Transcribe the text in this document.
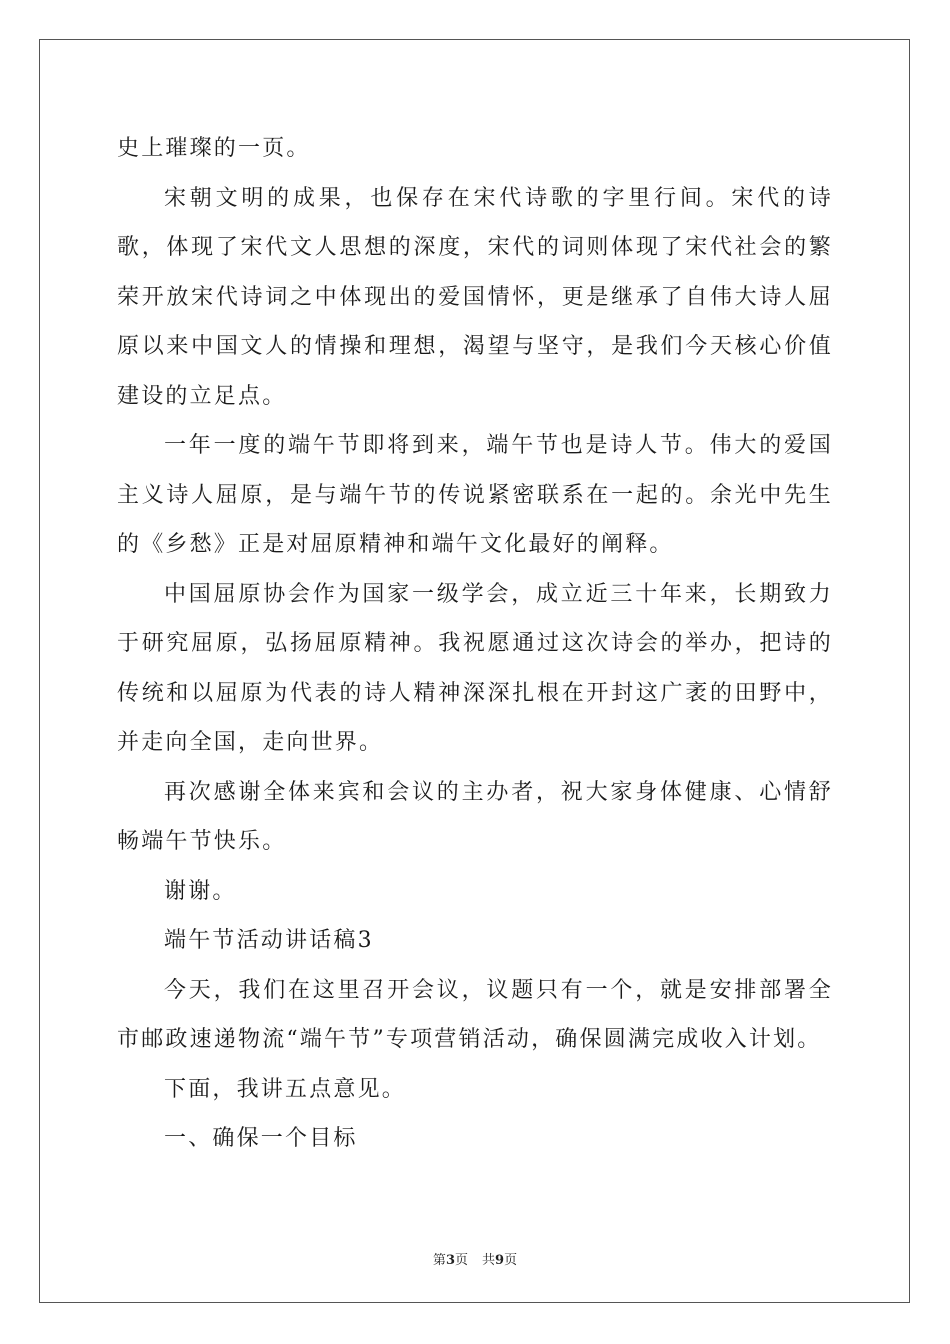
史上璀璨的一页。

宋朝文明的成果，也保存在宋代诗歌的字里行间。宋代的诗歌，体现了宋代文人思想的深度，宋代的词则体现了宋代社会的繁荣开放宋代诗词之中体现出的爱国情怀，更是继承了自伟大诗人屈原以来中国文人的情操和理想，渴望与坚守，是我们今天核心价值建设的立足点。

一年一度的端午节即将到来，端午节也是诗人节。伟大的爱国主义诗人屈原，是与端午节的传说紧密联系在一起的。余光中先生的《乡愁》正是对屈原精神和端午文化最好的阐释。

中国屈原协会作为国家一级学会，成立近三十年来，长期致力于研究屈原，弘扬屈原精神。我祝愿通过这次诗会的举办，把诗的传统和以屈原为代表的诗人精神深深扎根在开封这广袤的田野中，并走向全国，走向世界。

再次感谢全体来宾和会议的主办者，祝大家身体健康、心情舒畅端午节快乐。

谢谢。

端午节活动讲话稿3

今天，我们在这里召开会议，议题只有一个，就是安排部署全市邮政速递物流“端午节”专项营销活动，确保圆满完成收入计划。

下面，我讲五点意见。

一、确保一个目标

第3页 共9页
